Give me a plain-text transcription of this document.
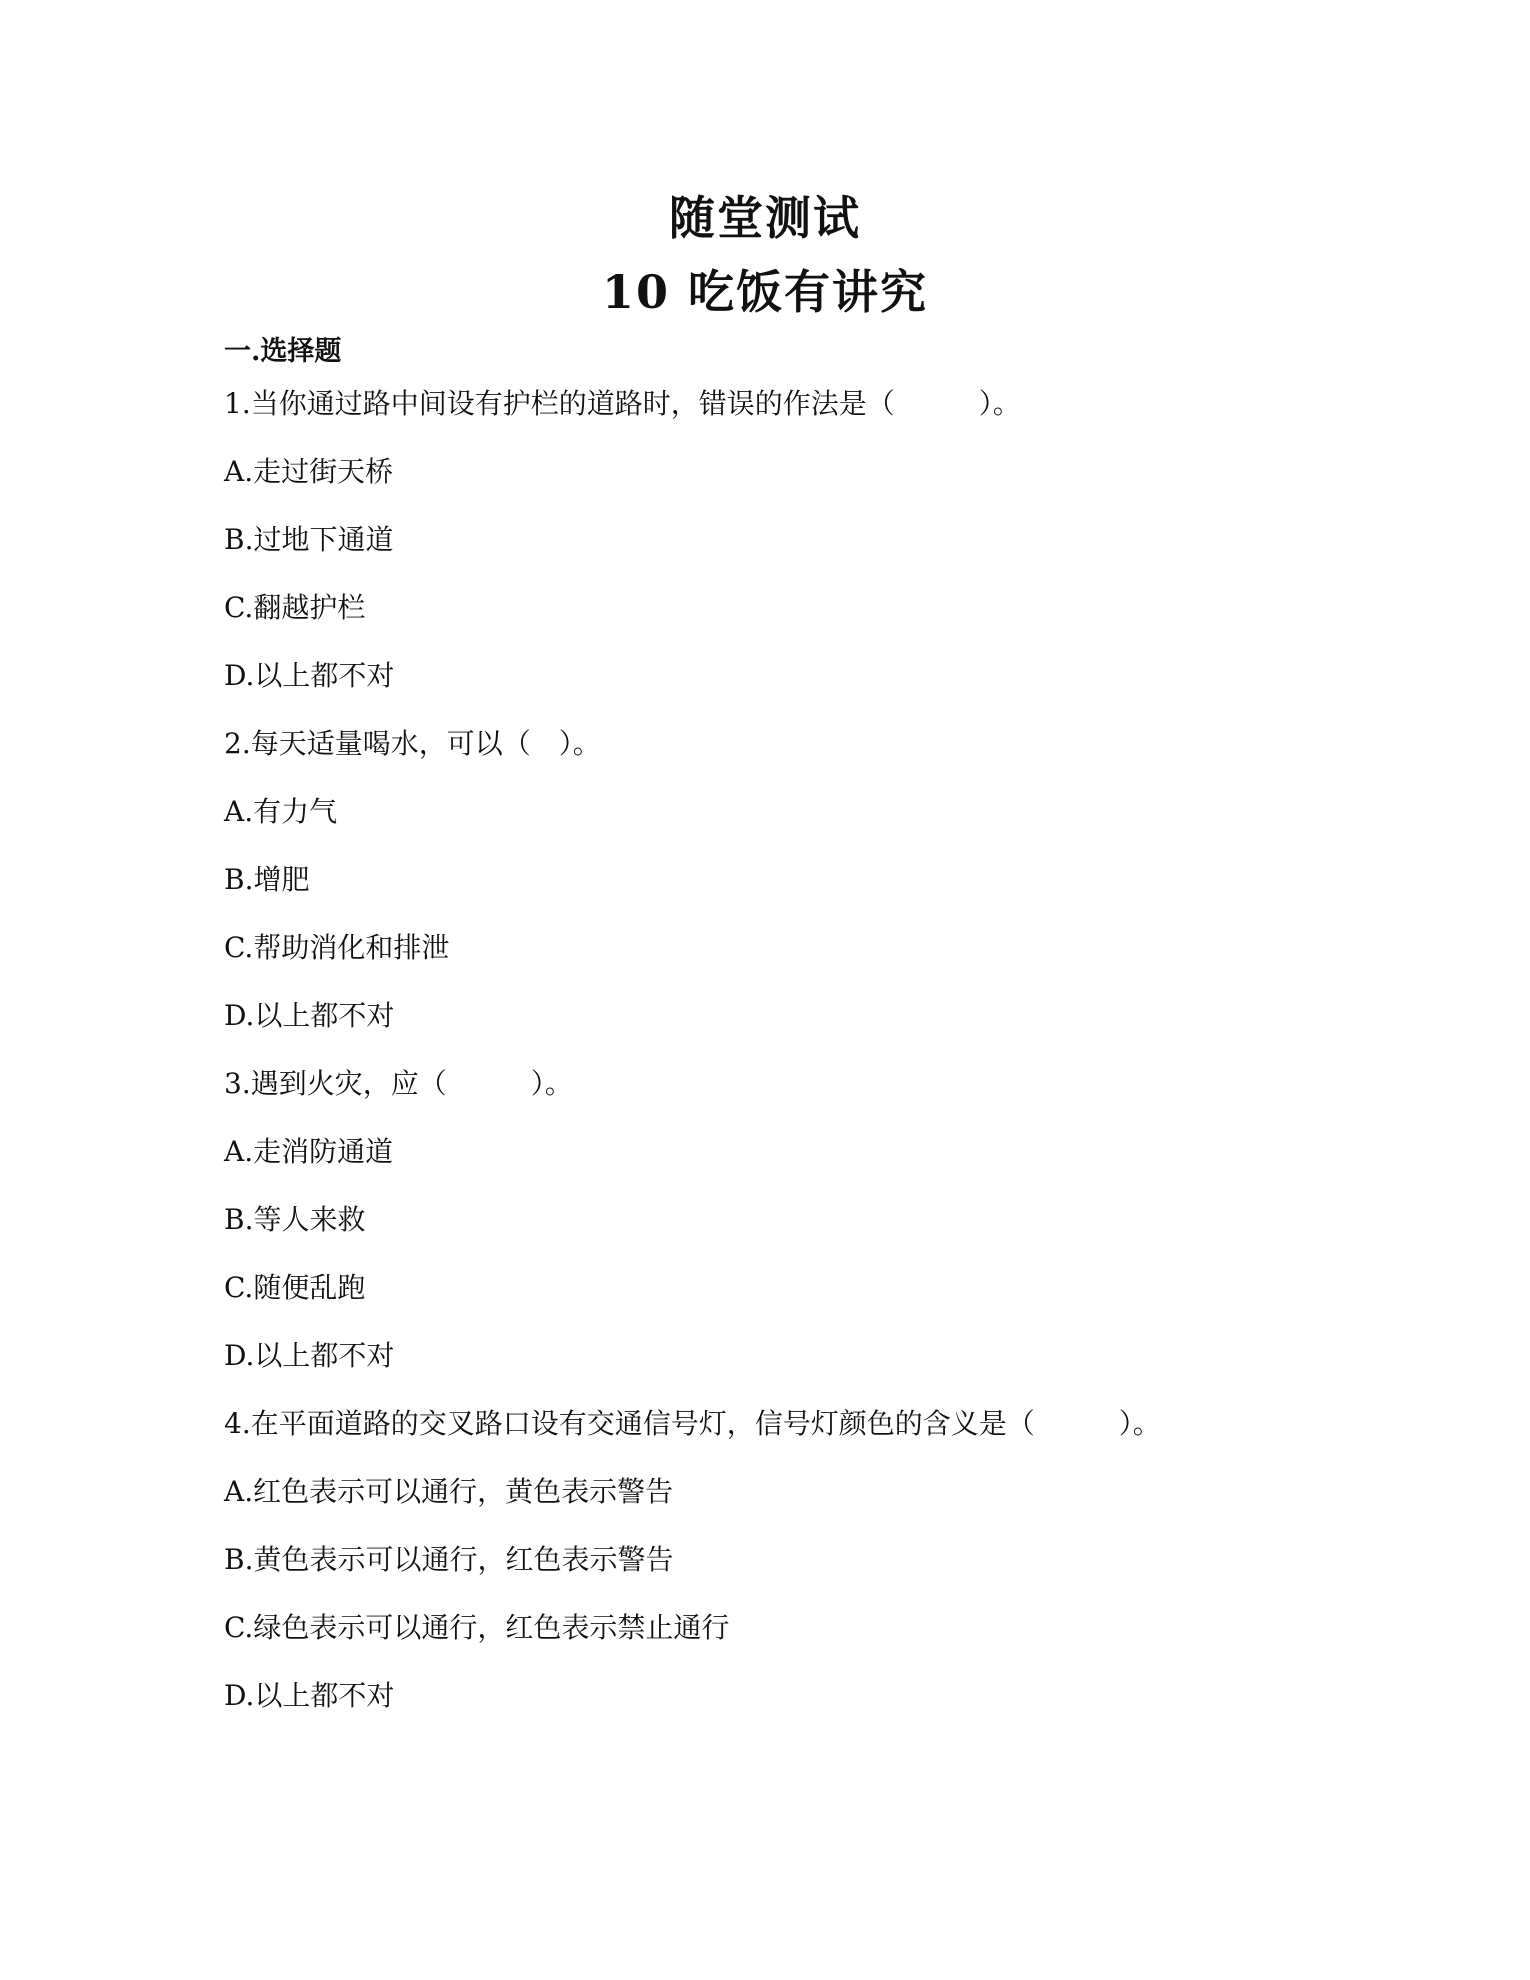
随堂测试
10 吃饭有讲究
一.选择题
1.当你通过路中间设有护栏的道路时，错误的作法是（　　　）。
A.走过街天桥
B.过地下通道
C.翻越护栏
D.以上都不对
2.每天适量喝水，可以（　）。
A.有力气
B.增肥
C.帮助消化和排泄
D.以上都不对
3.遇到火灾，应（　　　）。
A.走消防通道
B.等人来救
C.随便乱跑
D.以上都不对
4.在平面道路的交叉路口设有交通信号灯，信号灯颜色的含义是（　　　）。
A.红色表示可以通行，黄色表示警告
B.黄色表示可以通行，红色表示警告
C.绿色表示可以通行，红色表示禁止通行
D.以上都不对
